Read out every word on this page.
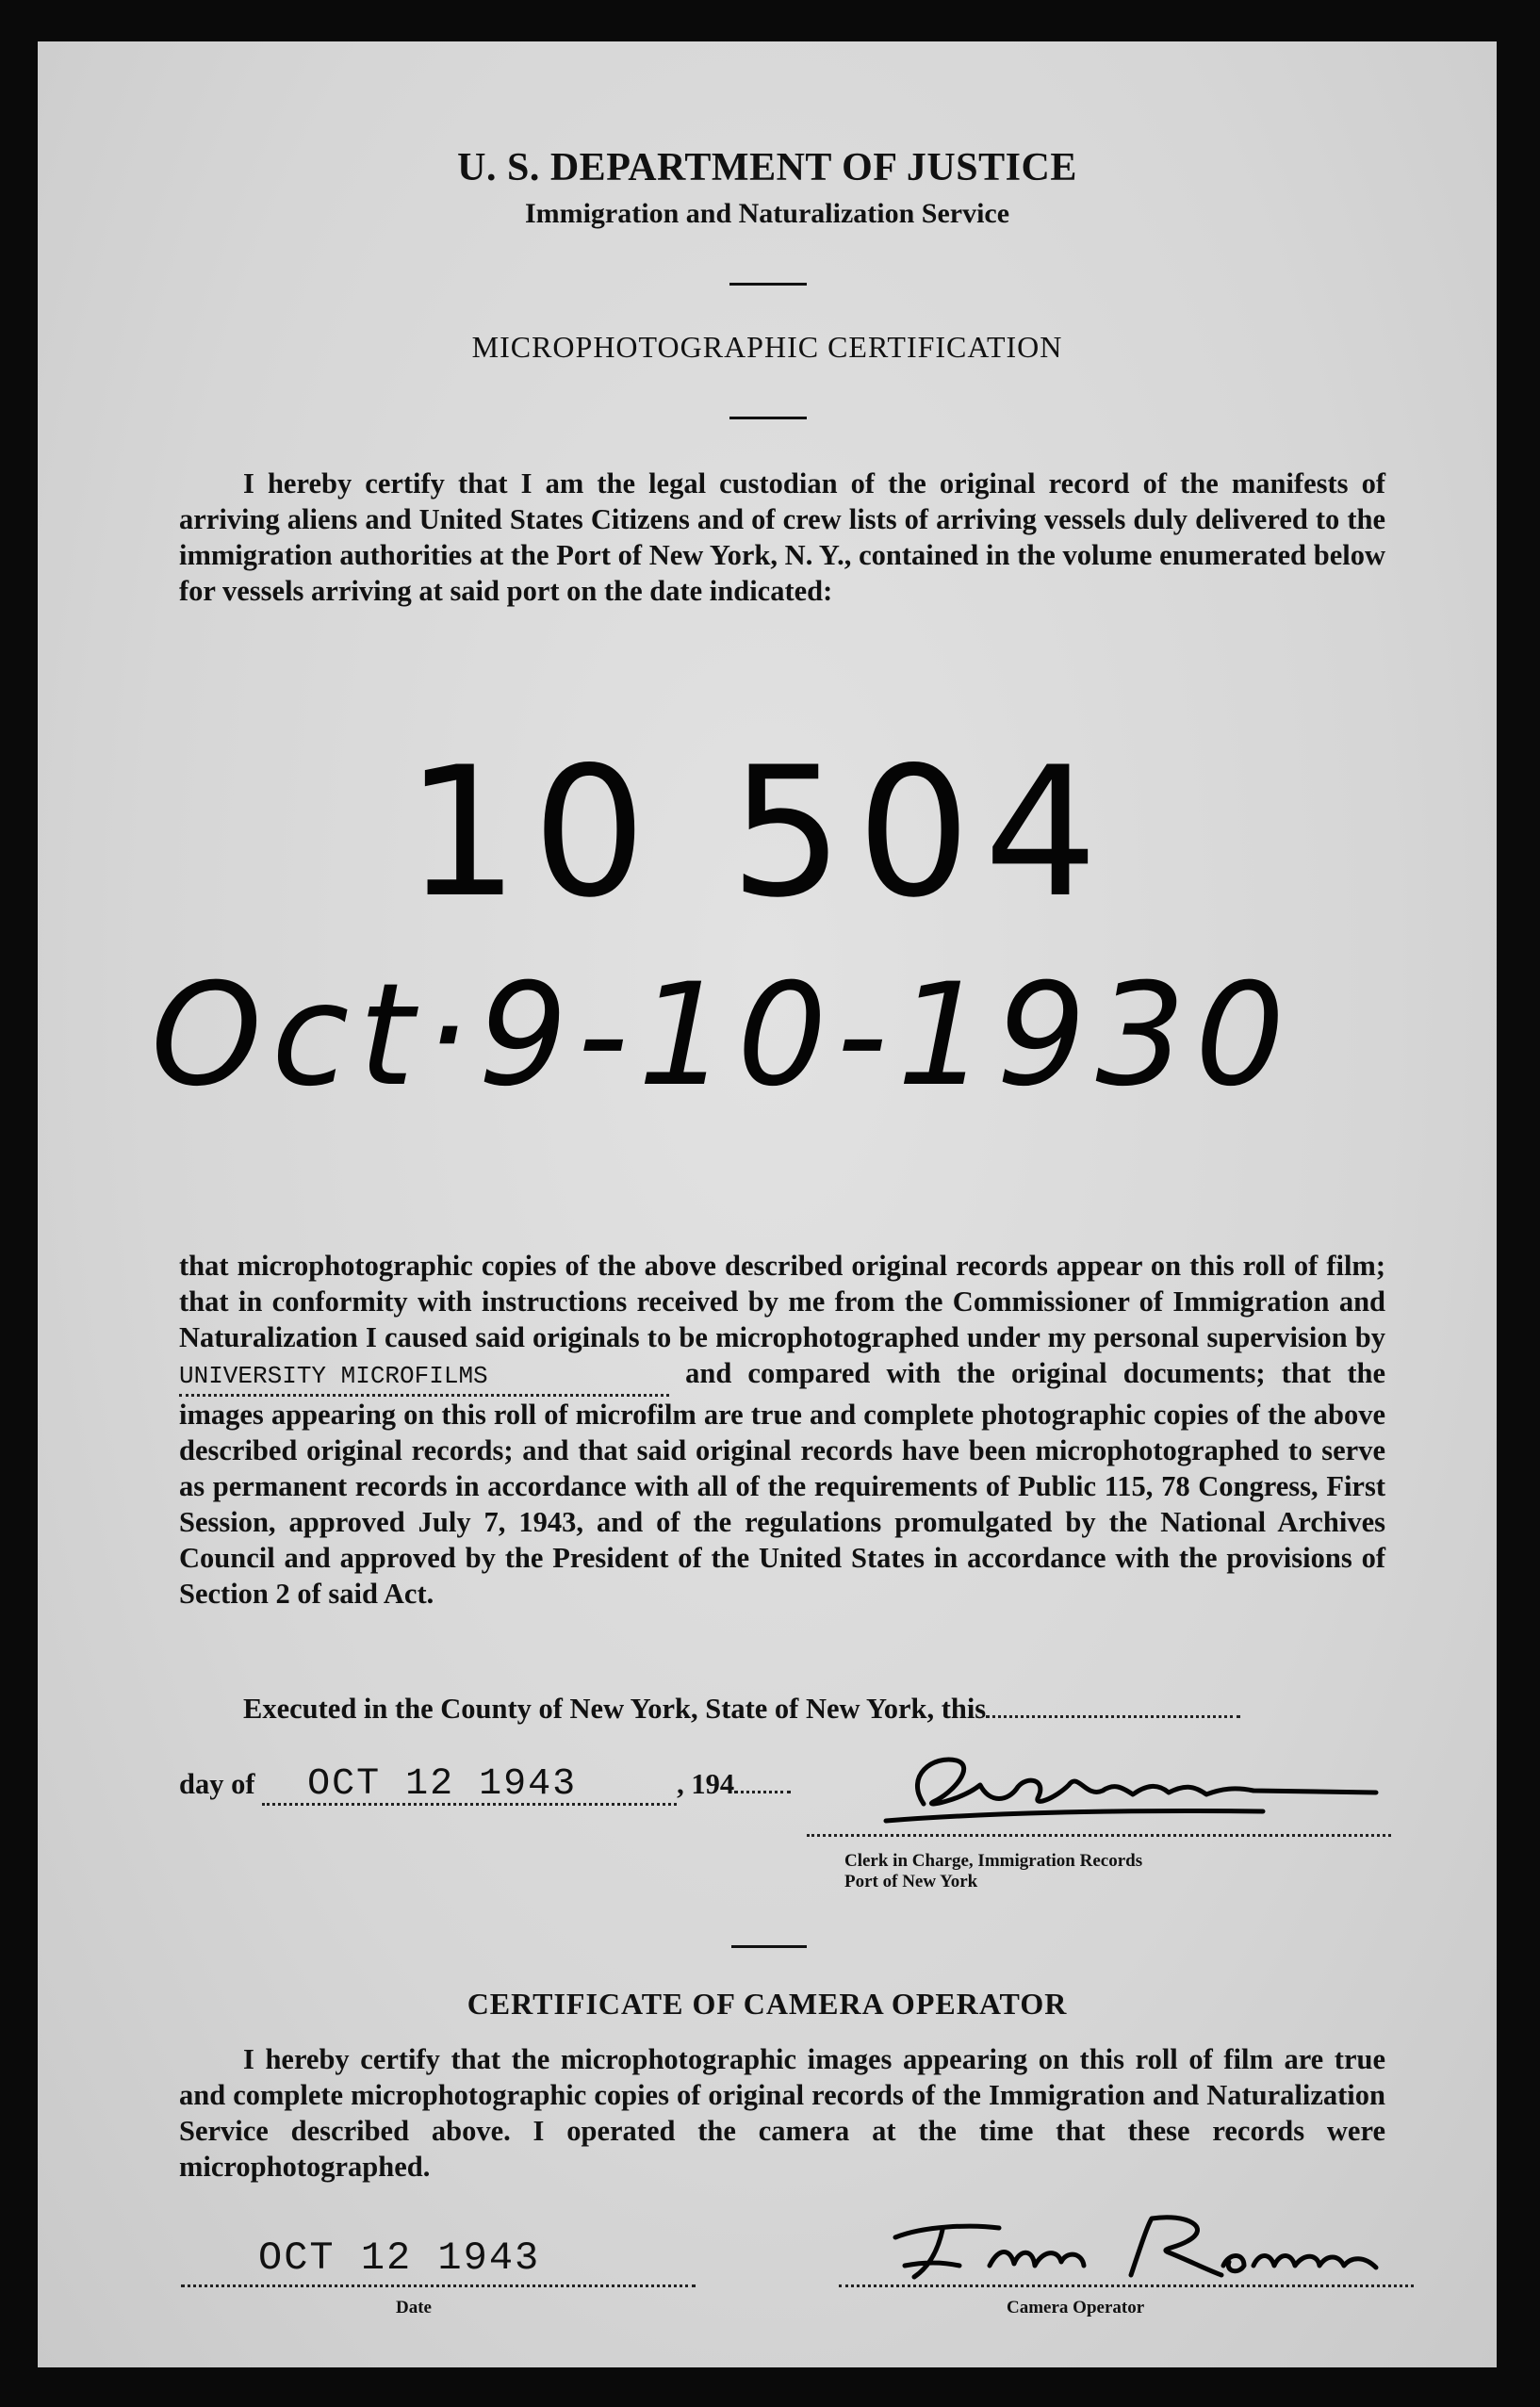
U. S. DEPARTMENT OF JUSTICE
Immigration and Naturalization Service
MICROPHOTOGRAPHIC CERTIFICATION

I hereby certify that I am the legal custodian of the original record of the manifests of arriving aliens and United States Citizens and of crew lists of arriving vessels duly delivered to the immigration authorities at the Port of New York, N. Y., contained in the volume enumerated below for vessels arriving at said port on the date indicated:

10 504
Oct·9-10-1930
that microphotographic copies of the above described original records appear on this roll of film; that in conformity with instructions received by me from the Commissioner of Immigration and Naturalization I caused said originals to be microphotographed under my personal supervision by UNIVERSITY MICROFILMS	and compared with the original documents; that the images appearing on this roll of microfilm are true and complete photographic copies of the above described original records; and that said original records have been microphotographed to serve as permanent records in accordance with all of the requirements of Public 115, 78 Congress, First Session, approved July 7, 1943, and of the regulations promulgated by the National Archives Council and approved by the President of the United States in accordance with the provisions of Section 2 of said Act.
Executed in the County of New York, State of New York, this
day of OCT 12 1943	, 194
Clerk in Charge, Immigration Records
Port of New York
CERTIFICATE OF CAMERA OPERATOR

I hereby certify that the microphotographic images appearing on this roll of film are true and complete microphotographic copies of original records of the Immigration and Naturalization Service described above. I operated the camera at the time that these records were microphotographed.

OCT 12 1943
Date	Camera Operator
